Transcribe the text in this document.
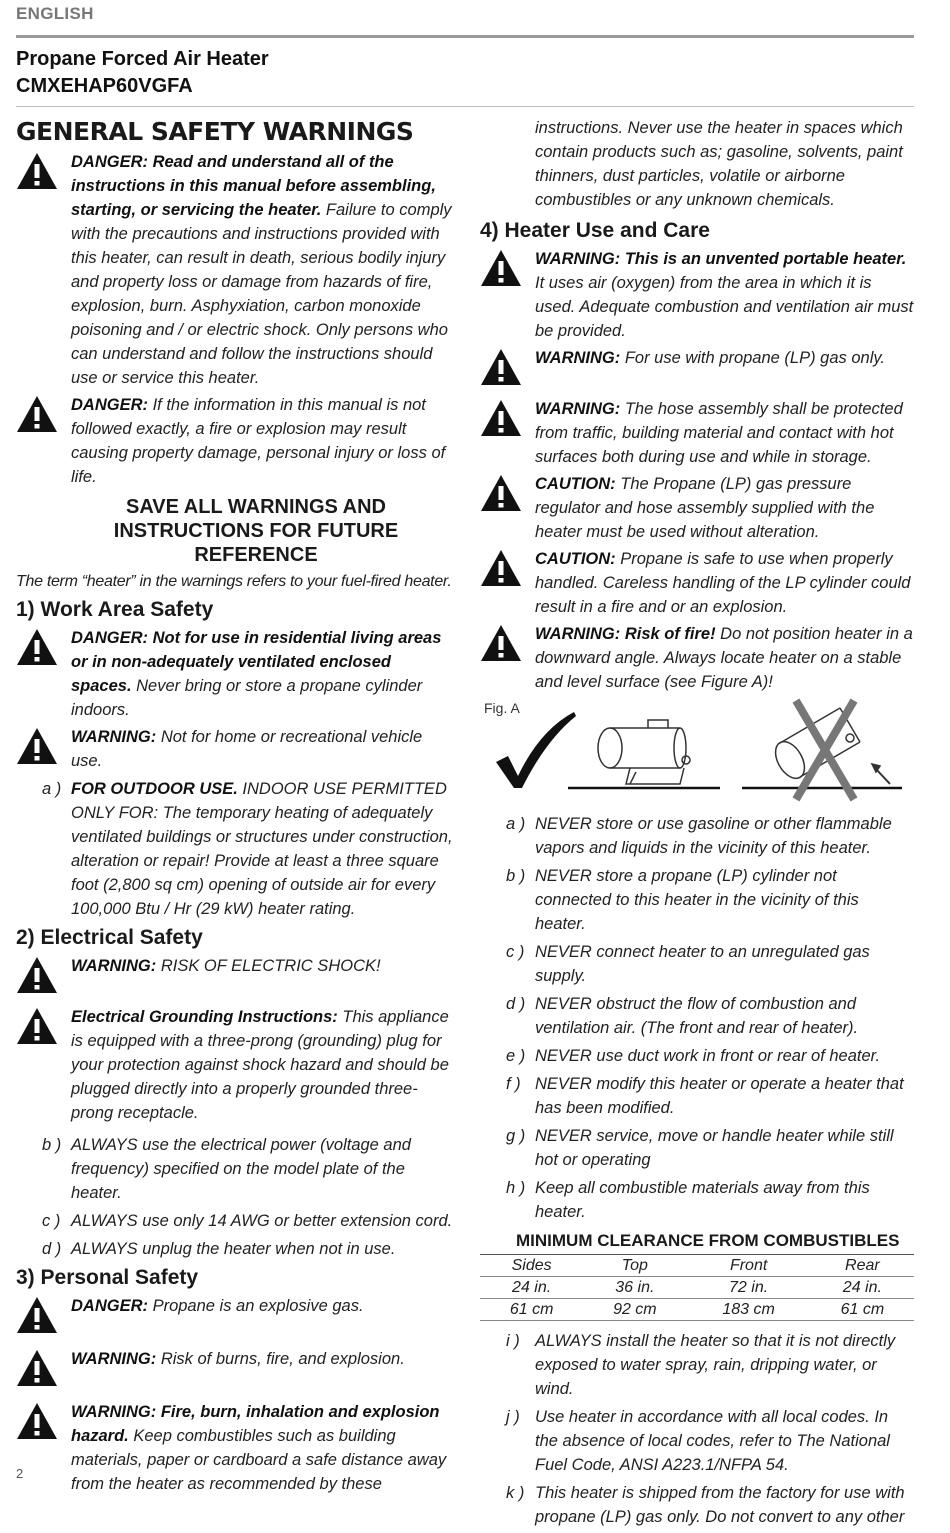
ENGLISH
Propane Forced Air Heater
CMXEHAP60VGFA
GENERAL SAFETY WARNINGS
DANGER: Read and understand all of the instructions in this manual before assembling, starting, or servicing the heater. Failure to comply with the precautions and instructions provided with this heater, can result in death, serious bodily injury and property loss or damage from hazards of fire, explosion, burn. Asphyxiation, carbon monoxide poisoning and / or electric shock. Only persons who can understand and follow the instructions should use or service this heater.
DANGER: If the information in this manual is not followed exactly, a fire or explosion may result causing property damage, personal injury or loss of life.
SAVE ALL WARNINGS AND
INSTRUCTIONS FOR FUTURE
REFERENCE
The term “heater” in the warnings refers to your fuel-fired heater.
1) Work Area Safety
DANGER: Not for use in residential living areas or in non-adequately ventilated enclosed spaces. Never bring or store a propane cylinder indoors.
WARNING: Not for home or recreational vehicle use.
a ) FOR OUTDOOR USE. INDOOR USE PERMITTED ONLY FOR: The temporary heating of adequately ventilated buildings or structures under construction, alteration or repair! Provide at least a three square foot (2,800 sq cm) opening of outside air for every 100,000 Btu / Hr (29 kW) heater rating.
2) Electrical Safety
WARNING: RISK OF ELECTRIC SHOCK!
Electrical Grounding Instructions: This appliance is equipped with a three-prong (grounding) plug for your protection against shock hazard and should be plugged directly into a properly grounded three-prong receptacle.
b ) ALWAYS use the electrical power (voltage and frequency) specified on the model plate of the heater.
c ) ALWAYS use only 14 AWG or better extension cord.
d ) ALWAYS unplug the heater when not in use.
3) Personal Safety
DANGER: Propane is an explosive gas.
WARNING: Risk of burns, fire, and explosion.
WARNING: Fire, burn, inhalation and explosion hazard. Keep combustibles such as building materials, paper or cardboard a safe distance away from the heater as recommended by these
instructions. Never use the heater in spaces which contain products such as; gasoline, solvents, paint thinners, dust particles, volatile or airborne combustibles or any unknown chemicals.
4) Heater Use and Care
WARNING: This is an unvented portable heater. It uses air (oxygen) from the area in which it is used. Adequate combustion and ventilation air must be provided.
WARNING: For use with propane (LP) gas only.
WARNING: The hose assembly shall be protected from traffic, building material and contact with hot surfaces both during use and while in storage.
CAUTION: The Propane (LP) gas pressure regulator and hose assembly supplied with the heater must be used without alteration.
CAUTION: Propane is safe to use when properly handled. Careless handling of the LP cylinder could result in a fire and or an explosion.
WARNING: Risk of fire! Do not position heater in a downward angle. Always locate heater on a stable and level surface (see Figure A)!
Fig. A
a ) NEVER store or use gasoline or other flammable vapors and liquids in the vicinity of this heater.
b ) NEVER store a propane (LP) cylinder not connected to this heater in the vicinity of this heater.
c ) NEVER connect heater to an unregulated gas supply.
d ) NEVER obstruct the flow of combustion and ventilation air. (The front and rear of heater).
e ) NEVER use duct work in front or rear of heater.
f ) NEVER modify this heater or operate a heater that has been modified.
g ) NEVER service, move or handle heater while still hot or operating
h ) Keep all combustible materials away from this heater.
MINIMUM CLEARANCE FROM COMBUSTIBLES
Sides	Top	Front	Rear
24 in.	36 in.	72 in.	24 in.
61 cm	92 cm	183 cm	61 cm
i ) ALWAYS install the heater so that it is not directly exposed to water spray, rain, dripping water, or wind.
j ) Use heater in accordance with all local codes. In the absence of local codes, refer to The National Fuel Code, ANSI A223.1/NFPA 54.
k ) This heater is shipped from the factory for use with propane (LP) gas only. Do not convert to any other
2
